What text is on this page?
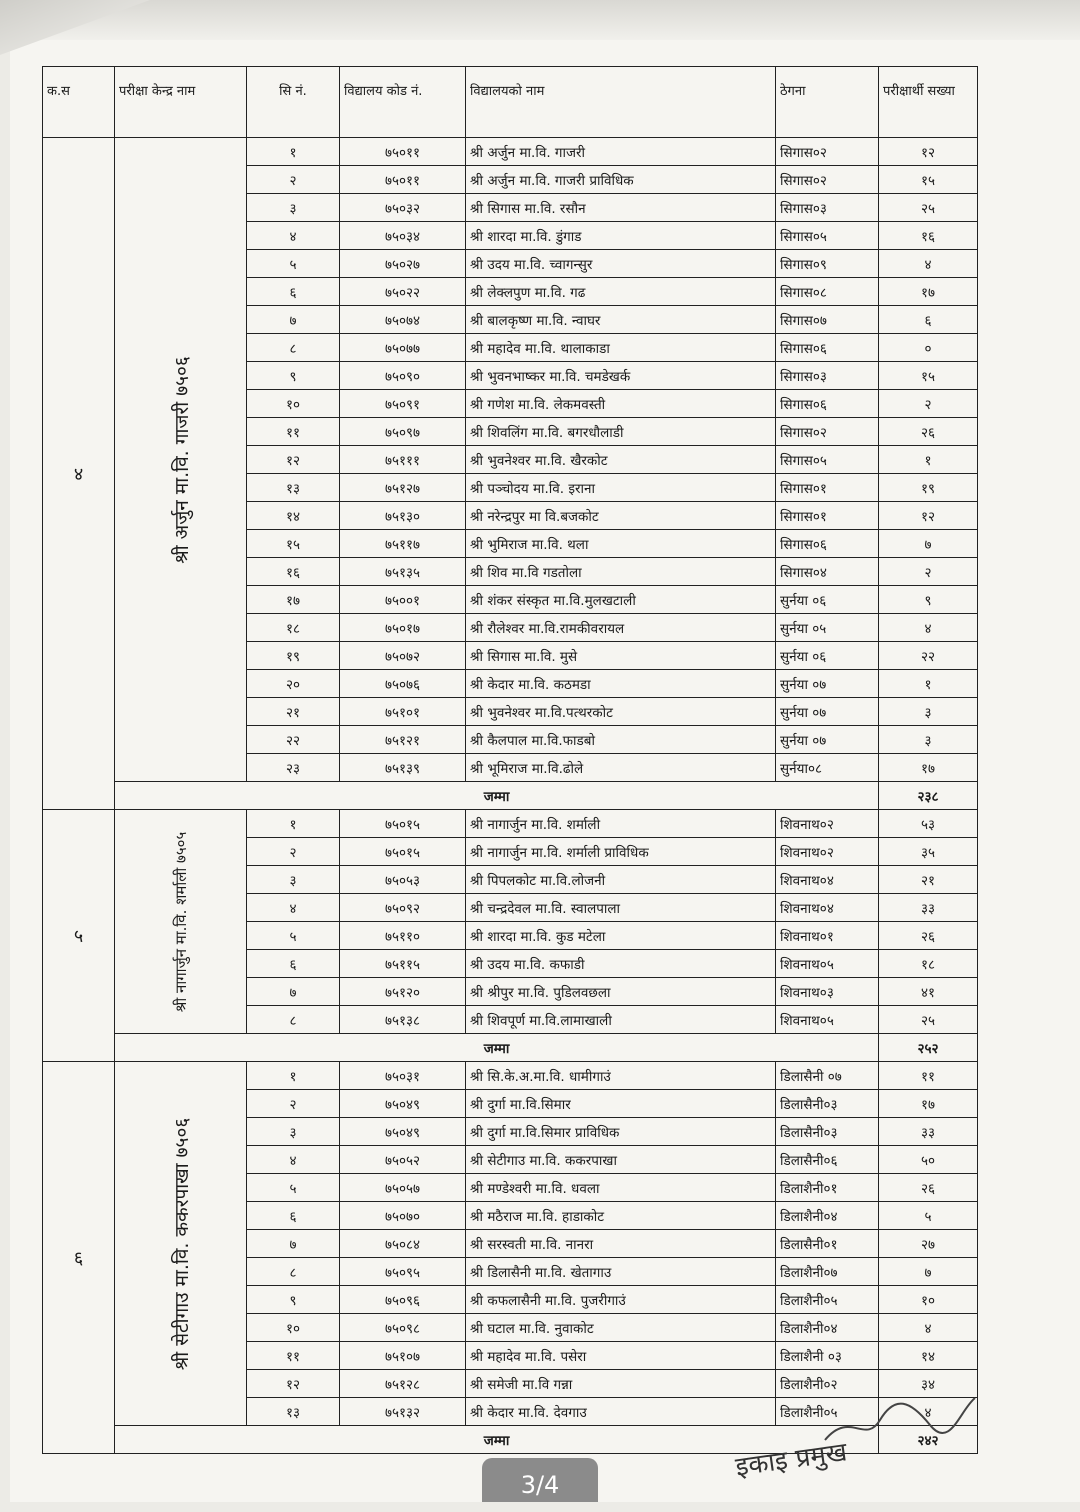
क.स	परीक्षा केन्द्र नाम	सि नं.	विद्यालय कोड नं.	विद्यालयको नाम	ठेगना	परीक्षार्थी सख्या
४	श्री अर्जुन मा.वि. गाजरी ७५०६	१	७५०११	श्री अर्जुन मा.वि. गाजरी	सिगास०२	१२
		२	७५०११	श्री अर्जुन मा.वि. गाजरी प्राविधिक	सिगास०२	१५
		३	७५०३२	श्री सिगास मा.वि. रसौन	सिगास०३	२५
		४	७५०३४	श्री शारदा मा.वि. डुंगाड	सिगास०५	१६
		५	७५०२७	श्री उदय मा.वि. च्वागन्सुर	सिगास०९	४
		६	७५०२२	श्री लेक्लपुण मा.वि. गढ	सिगास०८	१७
		७	७५०७४	श्री बालकृष्ण मा.वि. न्वाघर	सिगास०७	६
		८	७५०७७	श्री महादेव मा.वि. थालाकाडा	सिगास०६	०
		९	७५०९०	श्री भुवनभाष्कर मा.वि. चमडेखर्क	सिगास०३	१५
		१०	७५०९१	श्री गणेश मा.वि. लेकमवस्ती	सिगास०६	२
		११	७५०९७	श्री शिवलिंग मा.वि. बगरधौलाडी	सिगास०२	२६
		१२	७५१११	श्री भुवनेश्वर मा.वि. खैरकोट	सिगास०५	१
		१३	७५१२७	श्री पञ्चोदय मा.वि. इराना	सिगास०१	१९
		१४	७५१३०	श्री नरेन्द्रपुर मा वि.बजकोट	सिगास०१	१२
		१५	७५११७	श्री भुमिराज मा.वि. थला	सिगास०६	७
		१६	७५१३५	श्री शिव मा.वि गडतोला	सिगास०४	२
		१७	७५००१	श्री शंकर संस्कृत मा.वि.मुलखटाली	सुर्नया ०६	९
		१८	७५०१७	श्री रौलेश्वर मा.वि.रामकीवरायल	सुर्नया ०५	४
		१९	७५०७२	श्री सिगास मा.वि. मुसे	सुर्नया ०६	२२
		२०	७५०७६	श्री केदार मा.वि. कठमडा	सुर्नया ०७	१
		२१	७५१०१	श्री भुवनेश्वर मा.वि.पत्थरकोट	सुर्नया ०७	३
		२२	७५१२१	श्री कैलपाल मा.वि.फाडबो	सुर्नया ०७	३
		२३	७५१३९	श्री भूमिराज मा.वि.ढोले	सुर्नया०८	१७
	जम्मा					२३८
५	श्री नागार्जुन मा.वि. शर्माली ७५०५	१	७५०१५	श्री नागार्जुन मा.वि. शर्माली	शिवनाथ०२	५३
		२	७५०१५	श्री नागार्जुन मा.वि. शर्माली प्राविधिक	शिवनाथ०२	३५
		३	७५०५३	श्री पिपलकोट मा.वि.लोजनी	शिवनाथ०४	२१
		४	७५०९२	श्री चन्द्रदेवल मा.वि. स्वालपाला	शिवनाथ०४	३३
		५	७५११०	श्री शारदा मा.वि. कुड मटेला	शिवनाथ०१	२६
		६	७५११५	श्री उदय मा.वि. कफाडी	शिवनाथ०५	१८
		७	७५१२०	श्री श्रीपुर मा.वि. पुडिलवछला	शिवनाथ०३	४१
		८	७५१३८	श्री शिवपूर्ण मा.वि.लामाखाली	शिवनाथ०५	२५
	जम्मा					२५२
६	श्री सेटीगाउ मा.वि. ककरपाखा ७५०६	१	७५०३१	श्री सि.के.अ.मा.वि. धामीगाउं	डिलासैनी ०७	११
		२	७५०४९	श्री दुर्गा मा.वि.सिमार	डिलासैनी०३	१७
		३	७५०४९	श्री दुर्गा मा.वि.सिमार प्राविधिक	डिलासैनी०३	३३
		४	७५०५२	श्री सेटीगाउ मा.वि. ककरपाखा	डिलासैनी०६	५०
		५	७५०५७	श्री मण्डेश्वरी मा.वि. धवला	डिलाशैनी०१	२६
		६	७५०७०	श्री मठैराज मा.वि. हाडाकोट	डिलाशैनी०४	५
		७	७५०८४	श्री सरस्वती मा.वि. नानरा	डिलासैनी०१	२७
		८	७५०९५	श्री डिलासैनी मा.वि. खेतागाउ	डिलाशैनी०७	७
		९	७५०९६	श्री कफलासैनी मा.वि. पुजरीगाउं	डिलाशैनी०५	१०
		१०	७५०९८	श्री घटाल मा.वि. नुवाकोट	डिलाशैनी०४	४
		११	७५१०७	श्री महादेव मा.वि. पसेरा	डिलाशैनी ०३	१४
		१२	७५१२८	श्री समेजी मा.वि गन्ना	डिलाशैनी०२	३४
		१३	७५१३२	श्री केदार मा.वि. देवगाउ	डिलाशैनी०५	४
	जम्मा					२४२
इकाइ प्रमुख
3/4
